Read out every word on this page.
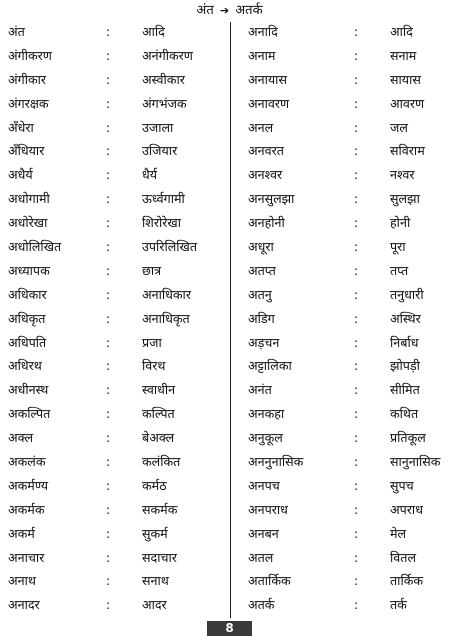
अंत ➔ अतर्क
अंत	:	आदि
अंगीकरण	:	अनंगीकरण
अंगीकार	:	अस्वीकार
अंगरक्षक	:	अंगभंजक
अँधेरा	:	उजाला
अँधियार	:	उजियार
अधैर्य	:	धैर्य
अधोगामी	:	ऊर्ध्वगामी
अधोरेखा	:	शिरोरेखा
अधोलिखित	:	उपरिलिखित
अध्यापक	:	छात्र
अधिकार	:	अनाधिकार
अधिकृत	:	अनाधिकृत
अधिपति	:	प्रजा
अधिरथ	:	विरथ
अधीनस्थ	:	स्वाधीन
अकल्पित	:	कल्पित
अक्ल	:	बेअक्ल
अकलंक	:	कलंकित
अकर्मण्य	:	कर्मठ
अकर्मक	:	सकर्मक
अकर्म	:	सुकर्म
अनाचार	:	सदाचार
अनाथ	:	सनाथ
अनादर	:	आदर
अनादि	:	आदि
अनाम	:	सनाम
अनायास	:	सायास
अनावरण	:	आवरण
अनल	:	जल
अनवरत	:	सविराम
अनश्वर	:	नश्वर
अनसुलझा	:	सुलझा
अनहोनी	:	होनी
अधूरा	:	पूरा
अतप्त	:	तप्त
अतनु	:	तनुधारी
अडिग	:	अस्थिर
अड़चन	:	निर्बाध
अट्टालिका	:	झोपड़ी
अनंत	:	सीमित
अनकहा	:	कथित
अनुकूल	:	प्रतिकूल
अननुनासिक	:	सानुनासिक
अनपच	:	सुपच
अनपराध	:	अपराध
अनबन	:	मेल
अतल	:	वितल
अतार्किक	:	तार्किक
अतर्क	:	तर्क
8
